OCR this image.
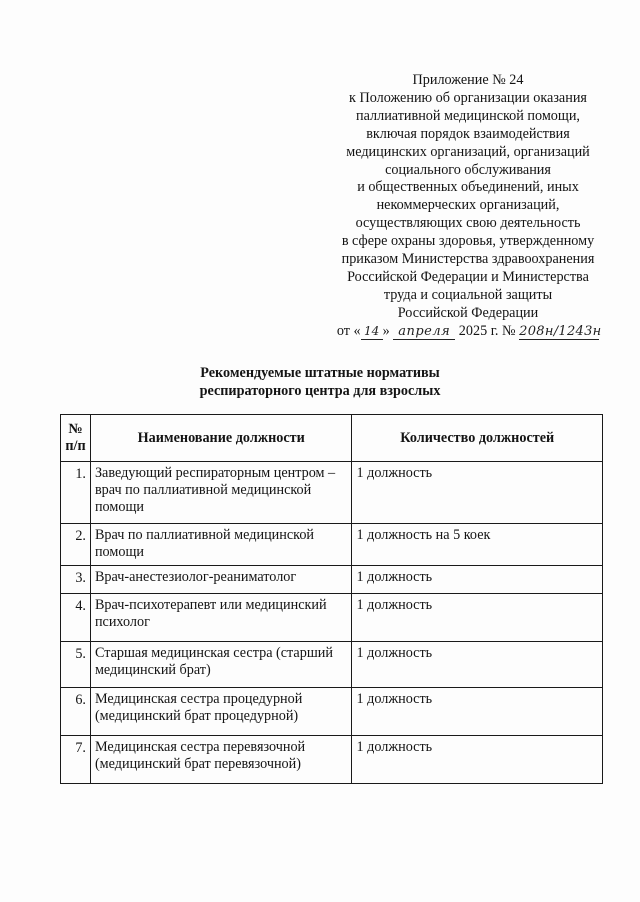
Приложение № 24
к Положению об организации оказания
паллиативной медицинской помощи,
включая порядок взаимодействия
медицинских организаций, организаций
социального обслуживания
и общественных объединений, иных
некоммерческих организаций,
осуществляющих свою деятельность
в сфере охраны здоровья, утвержденному
приказом Министерства здравоохранения
Российской Федерации и Министерства
труда и социальной защиты
Российской Федерации
от « 14 » апреля 2025 г. № 208н/1243н
Рекомендуемые штатные нормативы
респираторного центра для взрослых
№ п/п	Наименование должности	Количество должностей
1.	Заведующий респираторным центром – врач по паллиативной медицинской помощи	1 должность
2.	Врач по паллиативной медицинской помощи	1 должность на 5 коек
3.	Врач-анестезиолог-реаниматолог	1 должность
4.	Врач-психотерапевт или медицинский психолог	1 должность
5.	Старшая медицинская сестра (старший медицинский брат)	1 должность
6.	Медицинская сестра процедурной (медицинский брат процедурной)	1 должность
7.	Медицинская сестра перевязочной (медицинский брат перевязочной)	1 должность
